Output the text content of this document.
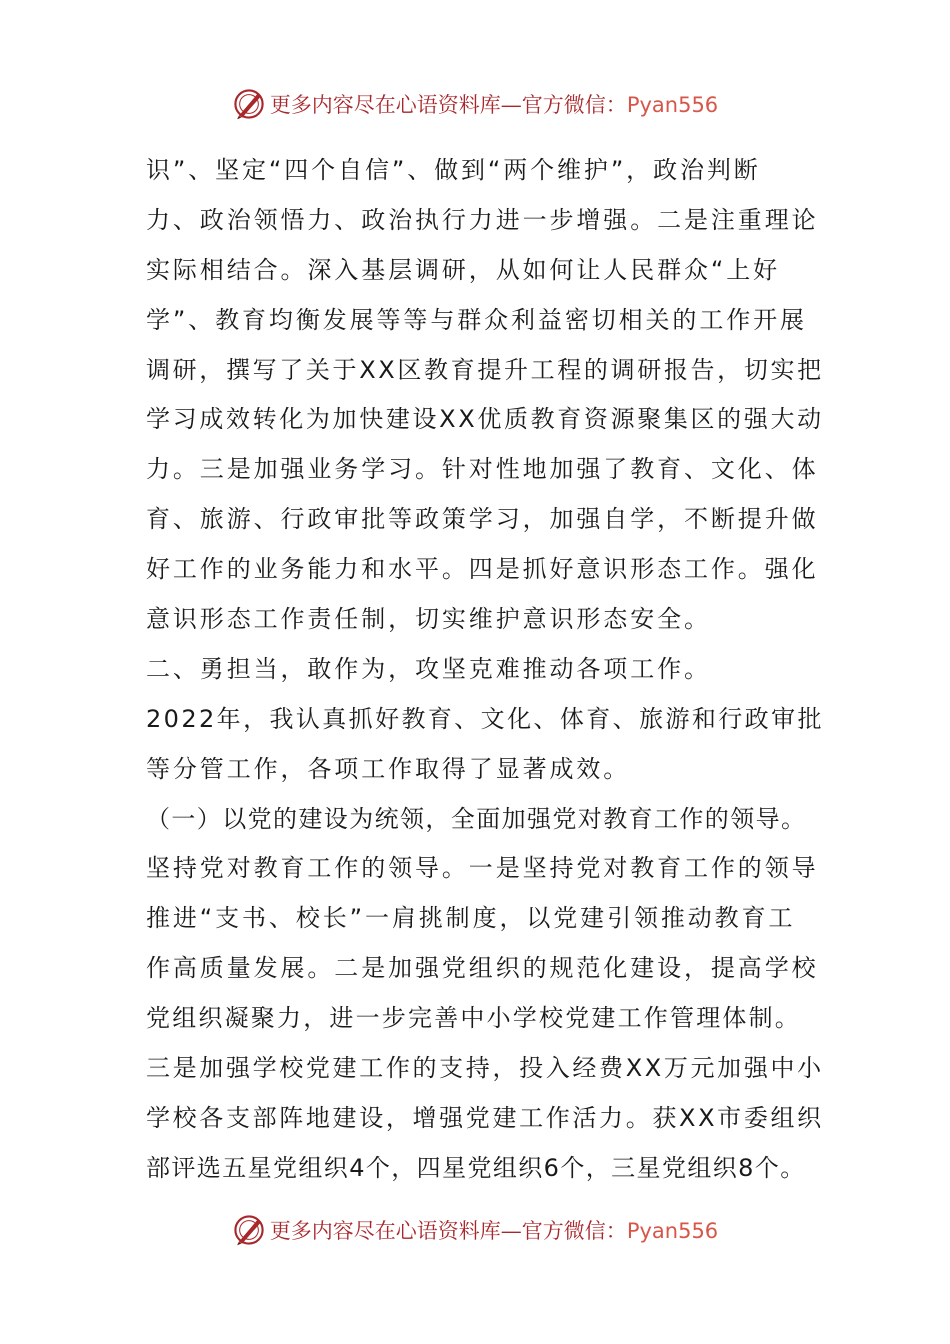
更多内容尽在心语资料库—官方微信：Pyan556
识”、坚定“四个自信”、做到“两个维护”，政治判断
力、政治领悟力、政治执行力进一步增强。二是注重理论
实际相结合。深入基层调研，从如何让人民群众“上好
学”、教育均衡发展等等与群众利益密切相关的工作开展
调研，撰写了关于XX区教育提升工程的调研报告，切实把
学习成效转化为加快建设XX优质教育资源聚集区的强大动
力。三是加强业务学习。针对性地加强了教育、文化、体
育、旅游、行政审批等政策学习，加强自学，不断提升做
好工作的业务能力和水平。四是抓好意识形态工作。强化
意识形态工作责任制，切实维护意识形态安全。
二、勇担当，敢作为，攻坚克难推动各项工作。
2022年，我认真抓好教育、文化、体育、旅游和行政审批
等分管工作，各项工作取得了显著成效。
（一）以党的建设为统领，全面加强党对教育工作的领导。
坚持党对教育工作的领导。一是坚持党对教育工作的领导
推进“支书、校长”一肩挑制度，以党建引领推动教育工
作高质量发展。二是加强党组织的规范化建设，提高学校
党组织凝聚力，进一步完善中小学校党建工作管理体制。
三是加强学校党建工作的支持，投入经费XX万元加强中小
学校各支部阵地建设，增强党建工作活力。获XX市委组织
部评选五星党组织4个，四星党组织6个，三星党组织8个。
更多内容尽在心语资料库—官方微信：Pyan556
